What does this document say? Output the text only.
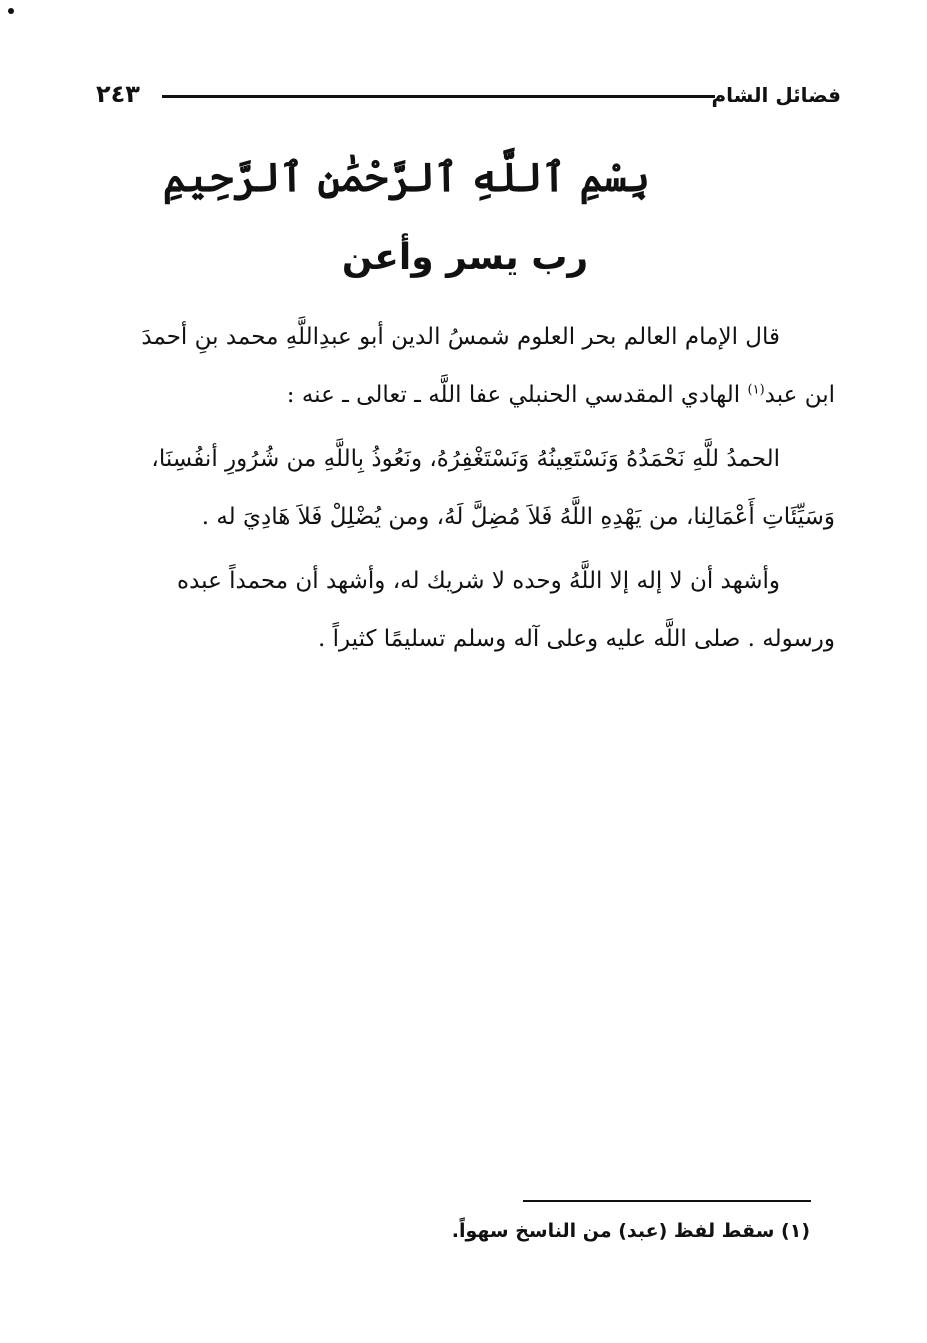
فضائل الشام
٢٤٣
بِسْمِ ٱللَّهِ ٱلرَّحْمَٰنِ ٱلرَّحِيمِ
رب يسر وأعن
قال الإمام العالم بحر العلوم شمسُ الدين أبو عبدِاللَّهِ محمد بنِ أحمدَ
ابن عبد$^{(١)}$ الهادي المقدسي الحنبلي عفا اللَّه ـ تعالى ـ عنه :
الحمدُ للَّهِ نَحْمَدُهُ وَنَسْتَعِينُهُ وَنَسْتَغْفِرُهُ، ونَعُوذُ بِاللَّهِ من شُرُورِ أنفُسِنَا،
وَسَيِّئَاتِ أَعْمَالِنا، من يَهْدِهِ اللَّهُ فَلاَ مُضِلَّ لَهُ، ومن يُضْلِلْ فَلاَ هَادِيَ له .
وأشهد أن لا إله إلا اللَّهُ وحده لا شريك له، وأشهد أن محمداً عبده
ورسوله . صلى اللَّه عليه وعلى آله وسلم تسليمًا كثيراً .
(١) سقط لفظ (عبد) من الناسخ سهواً.
